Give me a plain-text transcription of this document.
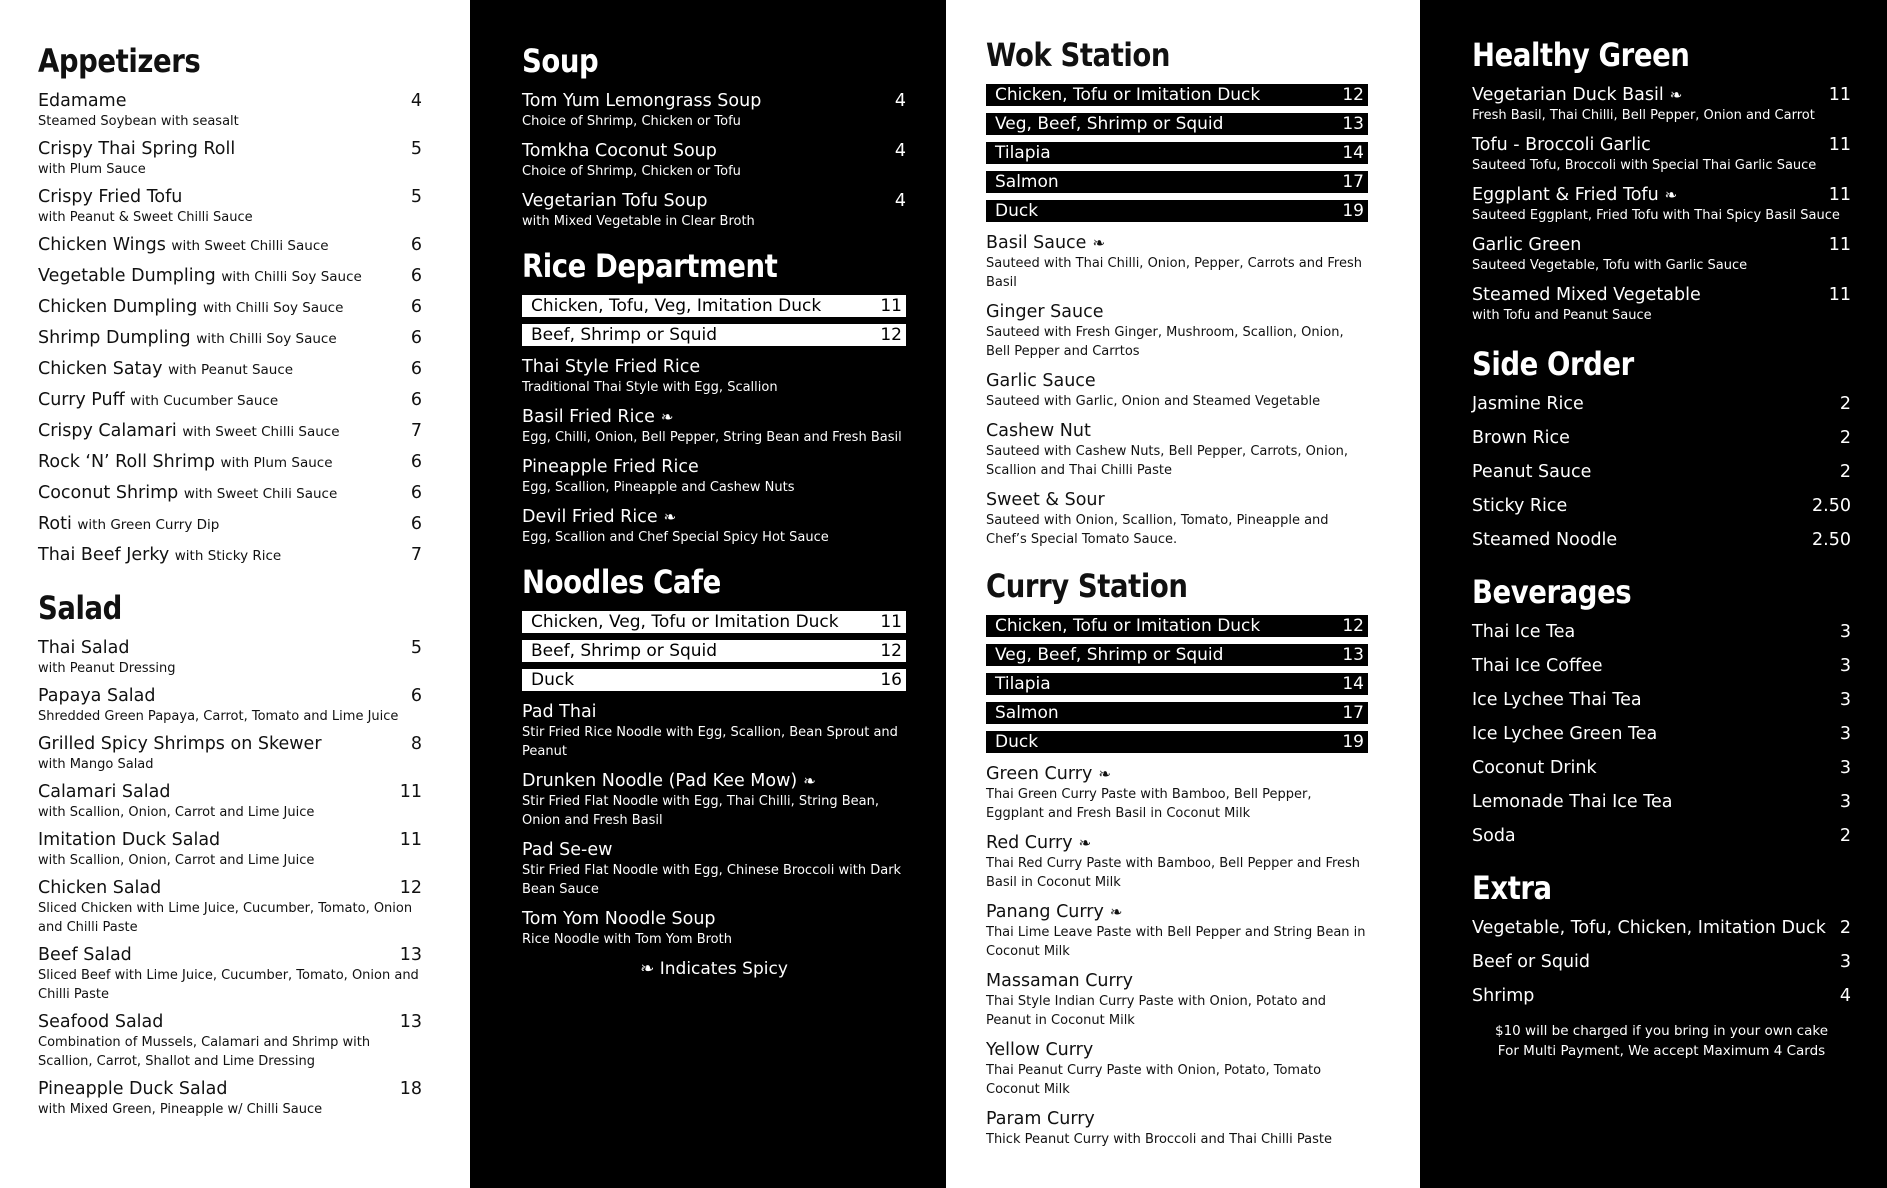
Appetizers
Edamame	4
Steamed Soybean with seasalt
Crispy Thai Spring Roll	5
with Plum Sauce
Crispy Fried Tofu	5
with Peanut & Sweet Chilli Sauce
Chicken Wings with Sweet Chilli Sauce	6
Vegetable Dumpling with Chilli Soy Sauce	6
Chicken Dumpling with Chilli Soy Sauce	6
Shrimp Dumpling with Chilli Soy Sauce	6
Chicken Satay with Peanut Sauce	6
Curry Puff with Cucumber Sauce	6
Crispy Calamari with Sweet Chilli Sauce	7
Rock ‘N’ Roll Shrimp with Plum Sauce	6
Coconut Shrimp with Sweet Chili Sauce	6
Roti with Green Curry Dip	6
Thai Beef Jerky with Sticky Rice	7
Salad
Thai Salad	5
with Peanut Dressing
Papaya Salad	6
Shredded Green Papaya, Carrot, Tomato and Lime Juice
Grilled Spicy Shrimps on Skewer	8
with Mango Salad
Calamari Salad	11
with Scallion, Onion, Carrot and Lime Juice
Imitation Duck Salad	11
with Scallion, Onion, Carrot and Lime Juice
Chicken Salad	12
Sliced Chicken with Lime Juice, Cucumber, Tomato, Onion and Chilli Paste
Beef Salad	13
Sliced Beef with Lime Juice, Cucumber, Tomato, Onion and Chilli Paste
Seafood Salad	13
Combination of Mussels, Calamari and Shrimp with Scallion, Carrot, Shallot and Lime Dressing
Pineapple Duck Salad	18
with Mixed Green, Pineapple w/ Chilli Sauce
Soup
Tom Yum Lemongrass Soup	4
Choice of Shrimp, Chicken or Tofu
Tomkha Coconut Soup	4
Choice of Shrimp, Chicken or Tofu
Vegetarian Tofu Soup	4
with Mixed Vegetable in Clear Broth
Rice Department
Chicken, Tofu, Veg, Imitation Duck	11
Beef, Shrimp or Squid	12
Thai Style Fried Rice
Traditional Thai Style with Egg, Scallion
Basil Fried Rice ❧
Egg, Chilli, Onion, Bell Pepper, String Bean and Fresh Basil
Pineapple Fried Rice
Egg, Scallion, Pineapple and Cashew Nuts
Devil Fried Rice ❧
Egg, Scallion and Chef Special Spicy Hot Sauce
Noodles Cafe
Chicken, Veg, Tofu or Imitation Duck 11
Beef, Shrimp or Squid	12
Duck	16
Pad Thai
Stir Fried Rice Noodle with Egg, Scallion, Bean Sprout and Peanut
Drunken Noodle (Pad Kee Mow) ❧
Stir Fried Flat Noodle with Egg, Thai Chilli, String Bean, Onion and Fresh Basil
Pad Se-ew
Stir Fried Flat Noodle with Egg, Chinese Broccoli with Dark Bean Sauce
Tom Yom Noodle Soup
Rice Noodle with Tom Yom Broth
❧ Indicates Spicy
Wok Station
Chicken, Tofu or Imitation Duck	12
Veg, Beef, Shrimp or Squid	13
Tilapia	14
Salmon	17
Duck	19
Basil Sauce ❧
Sauteed with Thai Chilli, Onion, Pepper, Carrots and Fresh Basil
Ginger Sauce
Sauteed with Fresh Ginger, Mushroom, Scallion, Onion, Bell Pepper and Carrtos
Garlic Sauce
Sauteed with Garlic, Onion and Steamed Vegetable
Cashew Nut
Sauteed with Cashew Nuts, Bell Pepper, Carrots, Onion, Scallion and Thai Chilli Paste
Sweet & Sour
Sauteed with Onion, Scallion, Tomato, Pineapple and Chef’s Special Tomato Sauce.
Curry Station
Chicken, Tofu or Imitation Duck	12
Veg, Beef, Shrimp or Squid	13
Tilapia	14
Salmon	17
Duck	19
Green Curry ❧
Thai Green Curry Paste with Bamboo, Bell Pepper, Eggplant and Fresh Basil in Coconut Milk
Red Curry ❧
Thai Red Curry Paste with Bamboo, Bell Pepper and Fresh Basil in Coconut Milk
Panang Curry ❧
Thai Lime Leave Paste with Bell Pepper and String Bean in Coconut Milk
Massaman Curry
Thai Style Indian Curry Paste with Onion, Potato and Peanut in Coconut Milk
Yellow Curry
Thai Peanut Curry Paste with Onion, Potato, Tomato Coconut Milk
Param Curry
Thick Peanut Curry with Broccoli and Thai Chilli Paste
Healthy Green
Vegetarian Duck Basil ❧	11
Fresh Basil, Thai Chilli, Bell Pepper, Onion and Carrot
Tofu - Broccoli Garlic	11
Sauteed Tofu, Broccoli with Special Thai Garlic Sauce
Eggplant & Fried Tofu ❧	11
Sauteed Eggplant, Fried Tofu with Thai Spicy Basil Sauce
Garlic Green	11
Sauteed Vegetable, Tofu with Garlic Sauce
Steamed Mixed Vegetable	11
with Tofu and Peanut Sauce
Side Order
Jasmine Rice	2
Brown Rice	2
Peanut Sauce	2
Sticky Rice	2.50
Steamed Noodle	2.50
Beverages
Thai Ice Tea	3
Thai Ice Coffee	3
Ice Lychee Thai Tea	3
Ice Lychee Green Tea	3
Coconut Drink	3
Lemonade Thai Ice Tea	3
Soda	2
Extra
Vegetable, Tofu, Chicken, Imitation Duck 2
Beef or Squid	3
Shrimp	4
$10 will be charged if you bring in your own cake
For Multi Payment, We accept Maximum 4 Cards
